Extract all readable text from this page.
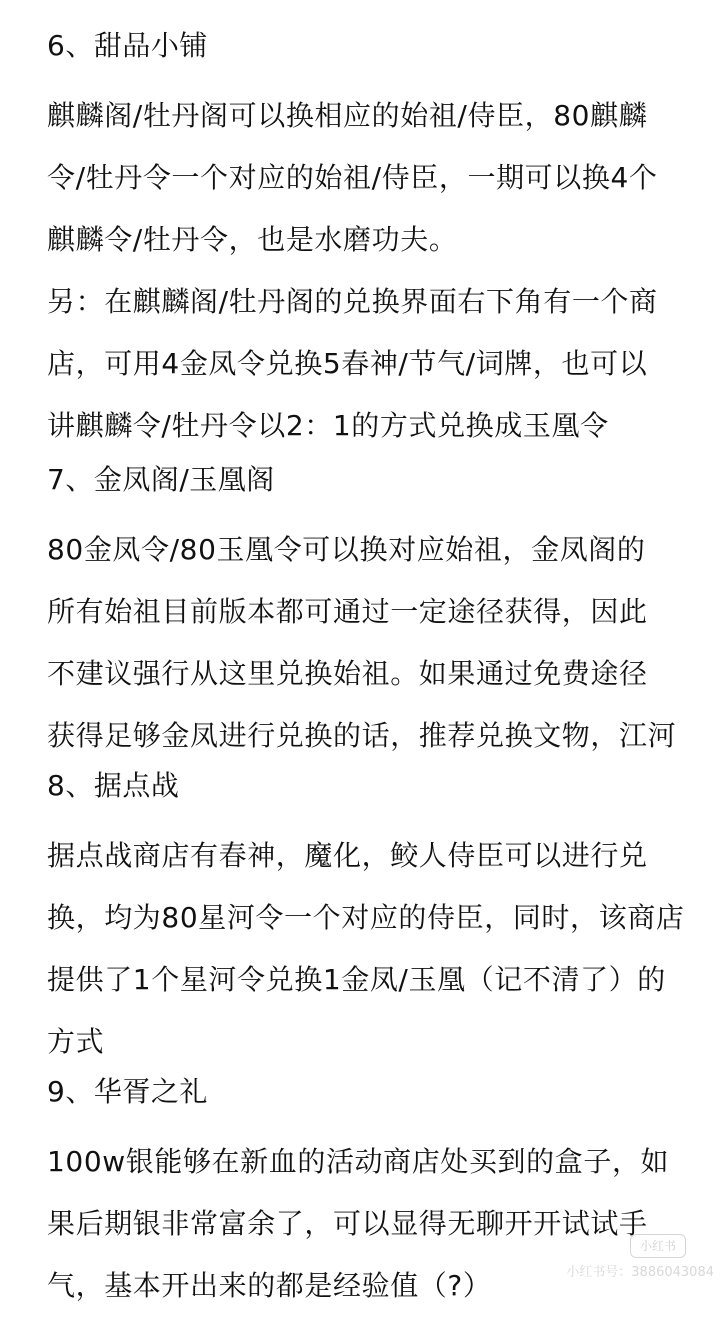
6、甜品小铺
麒麟阁/牡丹阁可以换相应的始祖/侍臣，80麒麟
令/牡丹令一个对应的始祖/侍臣，一期可以换4个
麒麟令/牡丹令，也是水磨功夫。
另：在麒麟阁/牡丹阁的兑换界面右下角有一个商
店，可用4金凤令兑换5春神/节气/词牌，也可以
讲麒麟令/牡丹令以2：1的方式兑换成玉凰令
7、金凤阁/玉凰阁
80金凤令/80玉凰令可以换对应始祖，金凤阁的
所有始祖目前版本都可通过一定途径获得，因此
不建议强行从这里兑换始祖。如果通过免费途径
获得足够金凤进行兑换的话，推荐兑换文物，江河
8、据点战
据点战商店有春神，魔化，鲛人侍臣可以进行兑
换，均为80星河令一个对应的侍臣，同时，该商店
提供了1个星河令兑换1金凤/玉凰（记不清了）的
方式
9、华胥之礼
100w银能够在新血的活动商店处买到的盒子，如
果后期银非常富余了，可以显得无聊开开试试手
气，基本开出来的都是经验值（?）
小红书
小红书号：3886043084
